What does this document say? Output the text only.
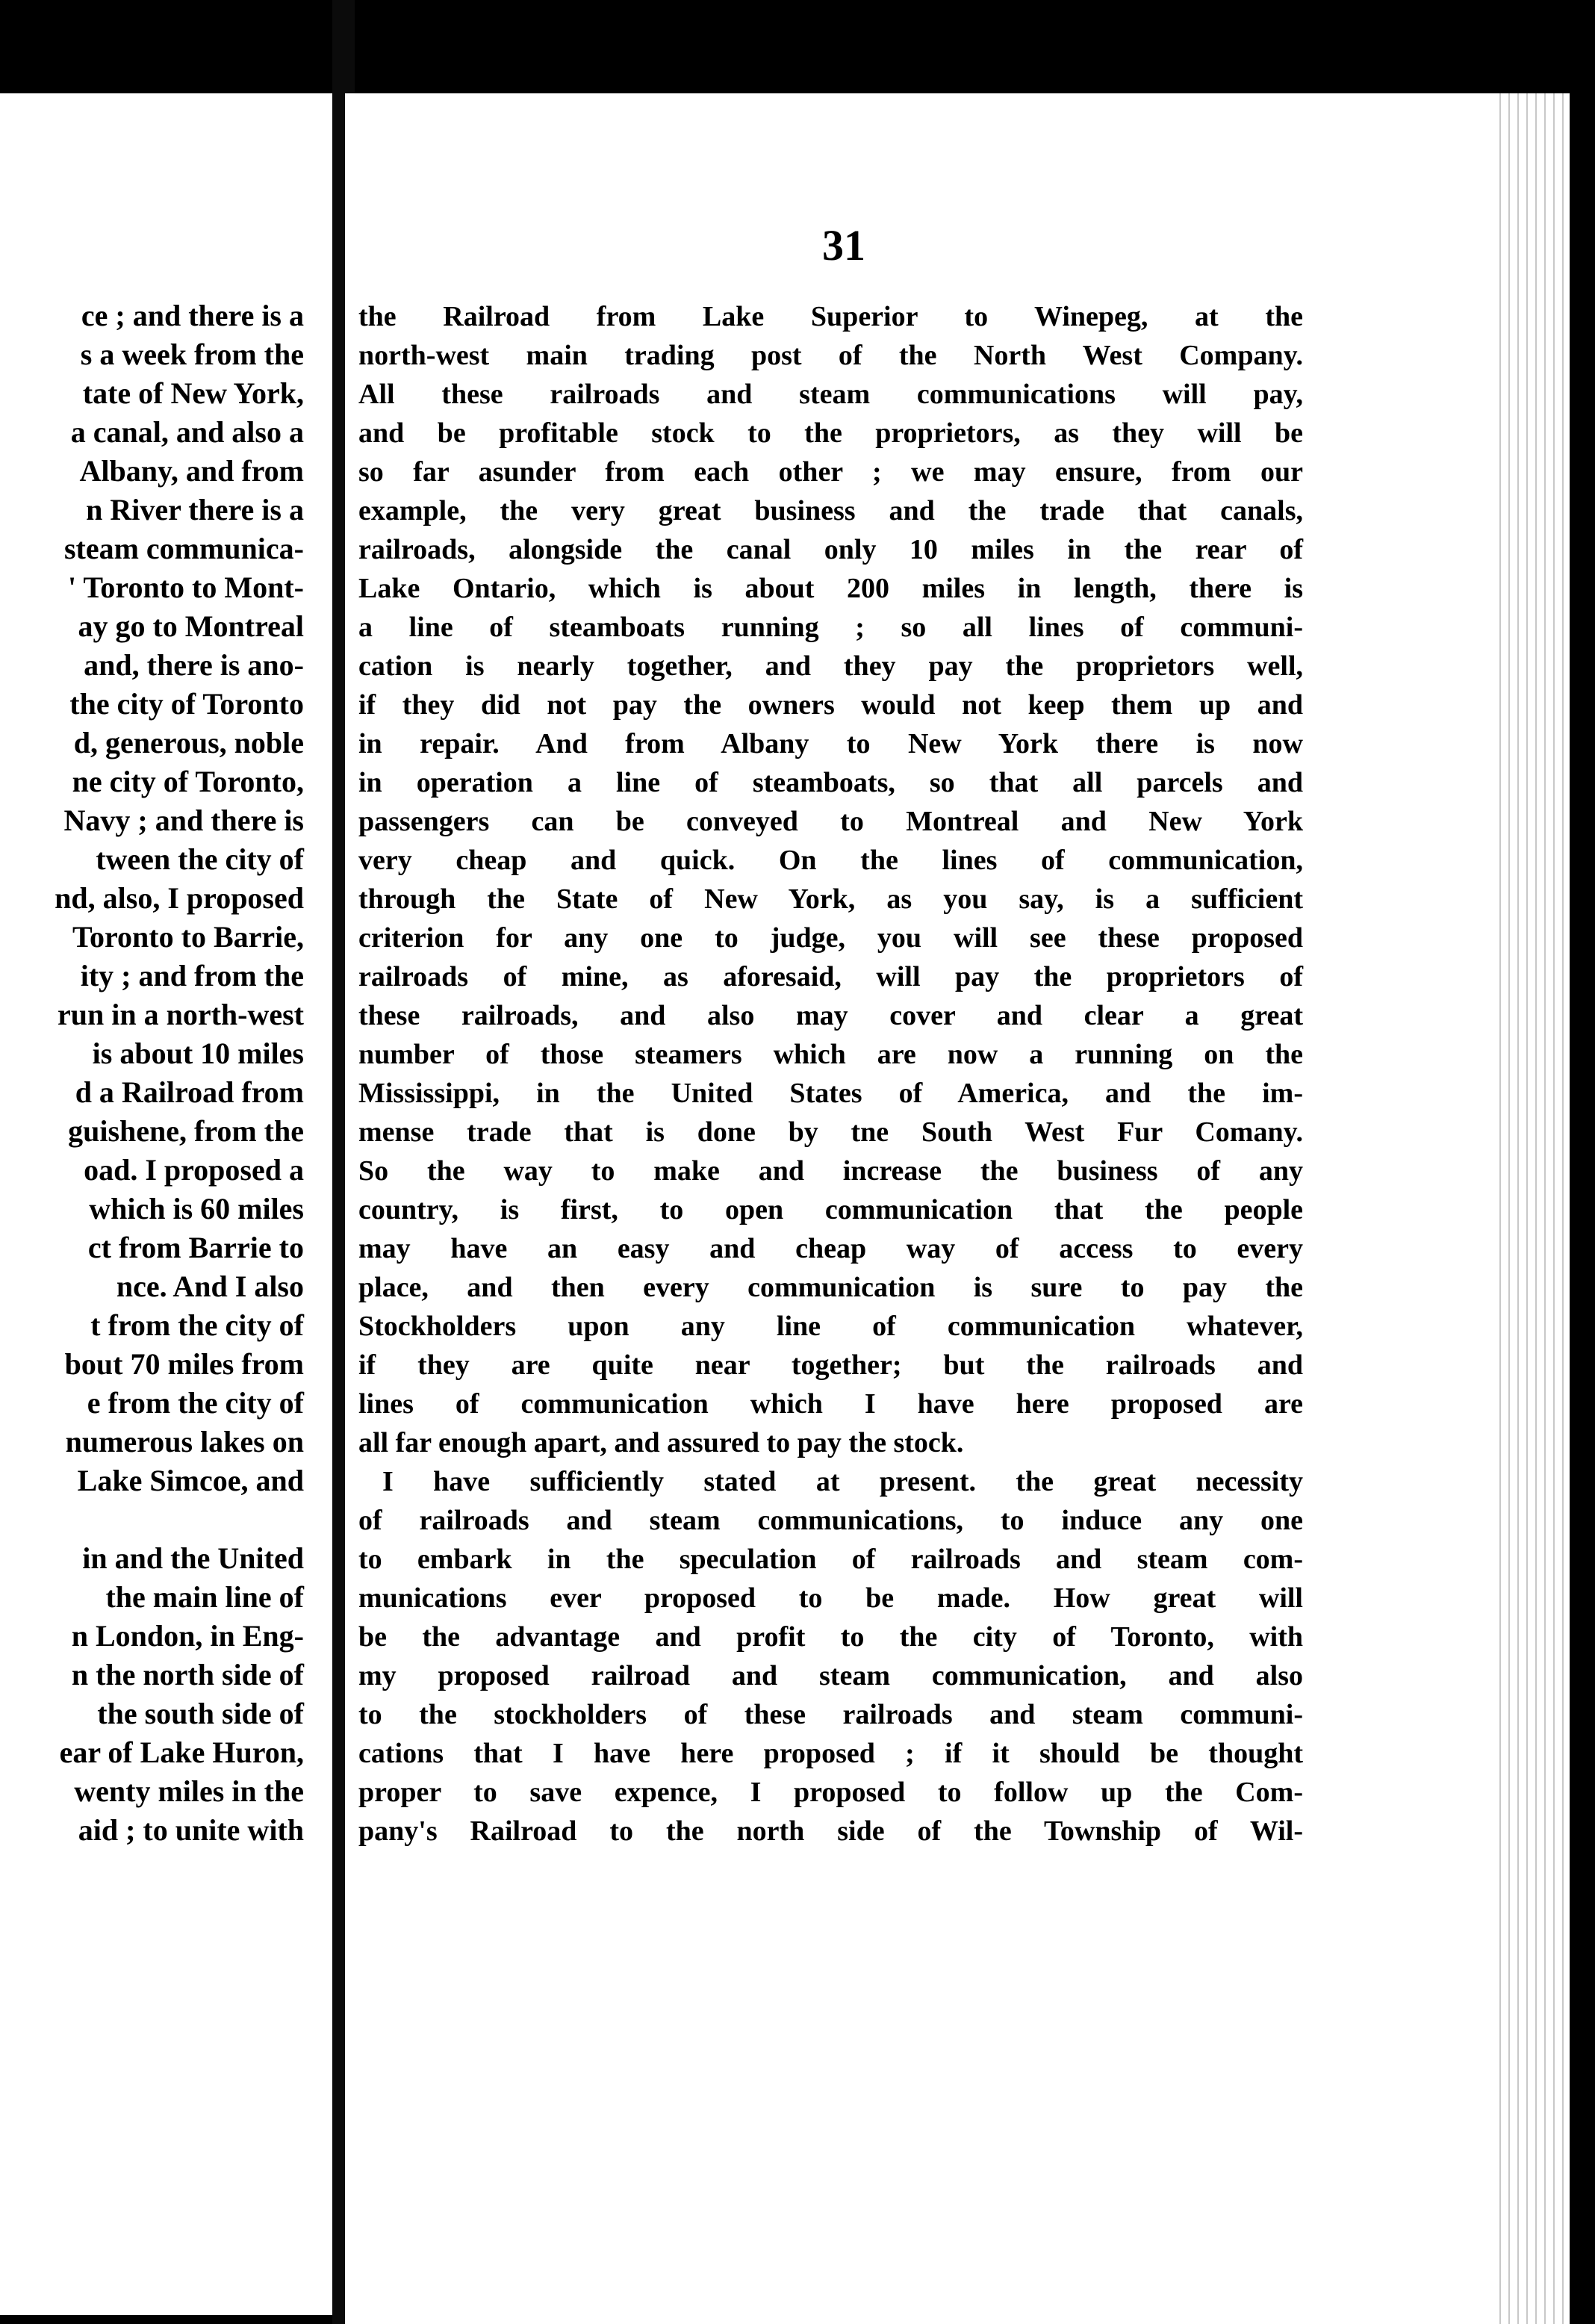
ce ; and there is a
s a week from the
tate of New York,
a canal, and also a
Albany, and from
n River there is a
steam communica-
' Toronto to Mont-
ay go to Montreal
and, there is ano-
the city of Toronto
d, generous, noble
ne city of Toronto,
Navy ; and there is
tween the city of
nd, also, I proposed
Toronto to Barrie,
ity ; and from the
run in a north-west
is about 10 miles
d a Railroad from
guishene, from the
oad. I proposed a
which is 60 miles
ct from Barrie to
nce. And I also
t from the city of
bout 70 miles from
e from the city of
numerous lakes on
Lake Simcoe, and

in and the United
the main line of
n London, in Eng-
n the north side of
the south side of
ear of Lake Huron,
wenty miles in the
aid ; to unite with
31
the Railroad from Lake Superior to Winepeg, at the
north-west main trading post of the North West Company.
All these railroads and steam communications will pay,
and be profitable stock to the proprietors, as they will be
so far asunder from each other ; we may ensure, from our
example, the very great business and the trade that canals,
railroads, alongside the canal only 10 miles in the rear of
Lake Ontario, which is about 200 miles in length, there is
a line of steamboats running ; so all lines of communi-
cation is nearly together, and they pay the proprietors well,
if they did not pay the owners would not keep them up and
in repair. And from Albany to New York there is now
in operation a line of steamboats, so that all parcels and
passengers can be conveyed to Montreal and New York
very cheap and quick. On the lines of communication,
through the State of New York, as you say, is a sufficient
criterion for any one to judge, you will see these proposed
railroads of mine, as aforesaid, will pay the proprietors of
these railroads, and also may cover and clear a great
number of those steamers which are now a running on the
Mississippi, in the United States of America, and the im-
mense trade that is done by tne South West Fur Comany.
So the way to make and increase the business of any
country, is first, to open communication that the people
may have an easy and cheap way of access to every
place, and then every communication is sure to pay the
Stockholders upon any line of communication whatever,
if they are quite near together; but the railroads and
lines of communication which I have here proposed are
all far enough apart, and assured to pay the stock.
I have sufficiently stated at present. the great necessity
of railroads and steam communications, to induce any one
to embark in the speculation of railroads and steam com-
munications ever proposed to be made. How great will
be the advantage and profit to the city of Toronto, with
my proposed railroad and steam communication, and also
to the stockholders of these railroads and steam communi-
cations that I have here proposed ; if it should be thought
proper to save expence, I proposed to follow up the Com-
pany's Railroad to the north side of the Township of Wil-
